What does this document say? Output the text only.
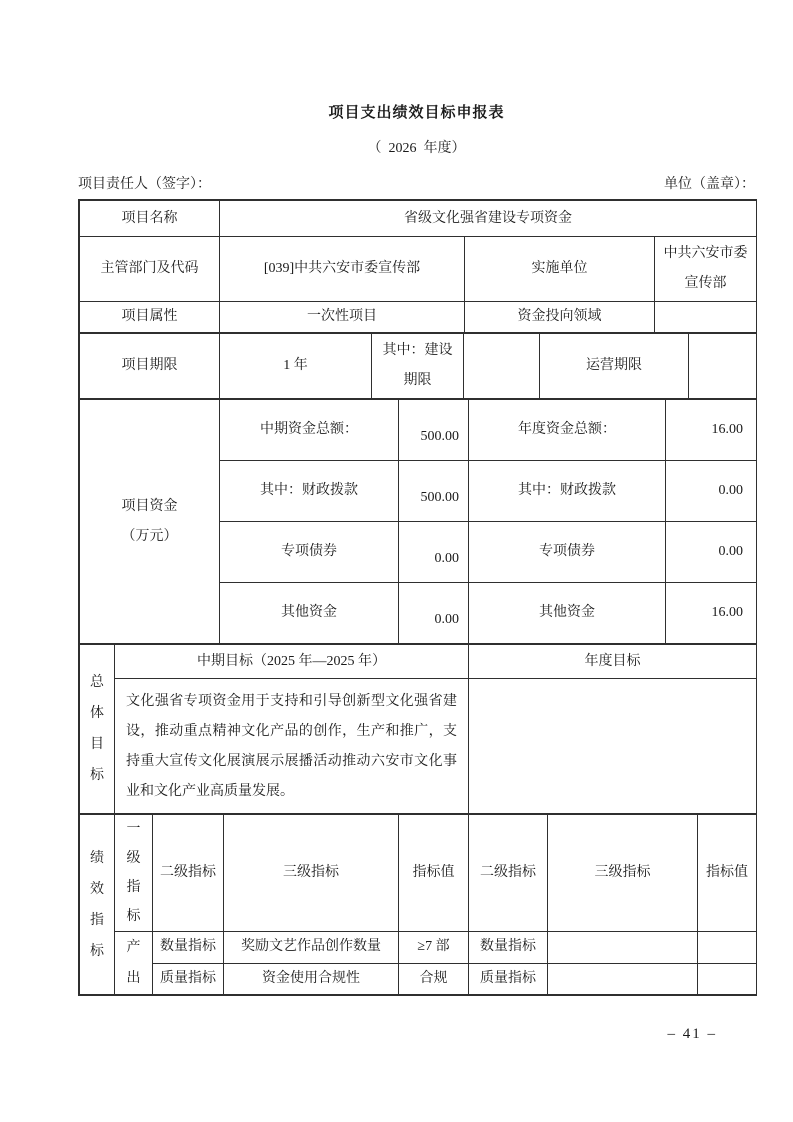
项目支出绩效目标申报表
（  2026  年度）
项目责任人（签字）：	单位（盖章）：
项目名称	省级文化强省建设专项资金		
主管部门及代码	[039]中共六安市委宣传部	实施单位	中共六安市委宣传部
项目属性	一次性项目	资金投向领域	
项目期限	1 年	其中：建设期限		运营期限	
项目资金
（万元）	中期资金总额：	500.00	年度资金总额：	16.00
	其中：财政拨款	500.00	其中：财政拨款	0.00
	专项债券	0.00	专项债券	0.00
	其他资金	0.00	其他资金	16.00
总体目标	中期目标（2025 年—2025 年）	年度目标
	文化强省专项资金用于支持和引导创新型文化强省建设，推动重点精神文化产品的创作，生产和推广，支持重大宣传文化展演展示展播活动推动六安市文化事业和文化产业高质量发展。	
绩效指标	一级指标	二级指标	三级指标	指标值	二级指标	三级指标	指标值
	产出	数量指标	奖励文艺作品创作数量	≥7 部	数量指标		
		质量指标	资金使用合规性	合规	质量指标		
– 41 –
